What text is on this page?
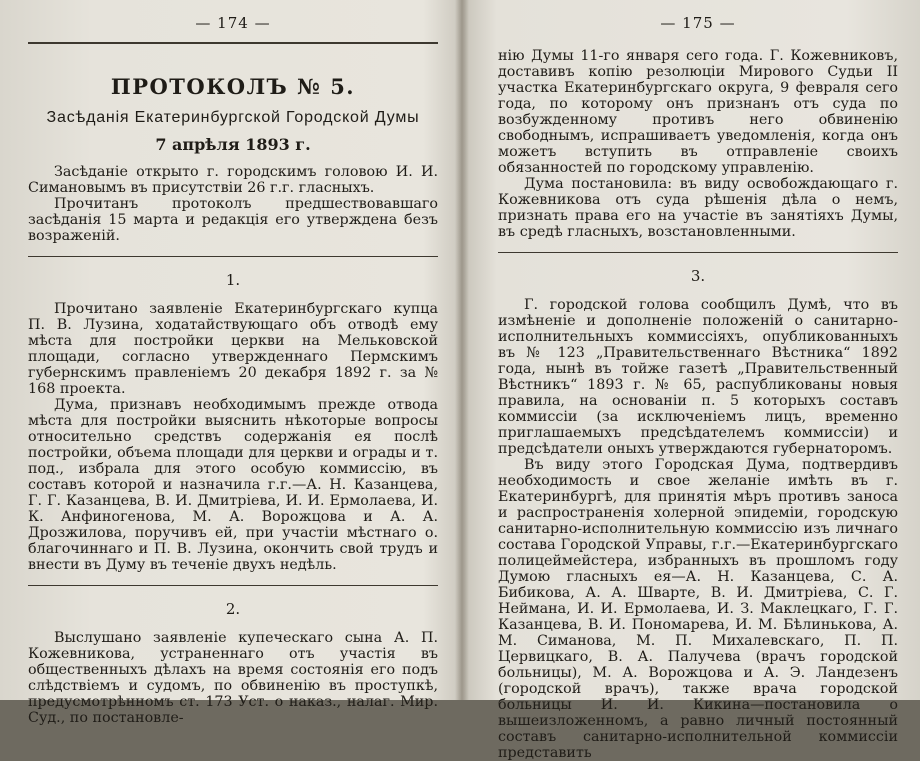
— 174 —
ПРОТОКОЛЪ № 5.
Засѣданія Екатеринбургской Городской Думы
7 апрѣля 1893 г.

Засѣданіе открыто г. городскимъ головою И. И. Симановымъ въ присутствіи 26 г.г. гласныхъ.

Прочитанъ протоколъ предшествовавшаго засѣданія 15 марта и редакція его утверждена безъ возраженій.

1.

Прочитано заявленіе Екатеринбургскаго купца П. В. Лузина, ходатайствующаго объ отводѣ ему мѣста для постройки церкви на Мельковской площади, согласно утвержденнаго Пермскимъ губернскимъ правленіемъ 20 декабря 1892 г. за № 168 проекта.

Дума, признавъ необходимымъ прежде отвода мѣста для постройки выяснить нѣкоторые вопросы относительно средствъ содержанія ея послѣ постройки, объема площади для церкви и ограды и т. под., избрала для этого особую коммиссію, въ составъ которой и назначила г.г.—А. Н. Казанцева, Г. Г. Казанцева, В. И. Дмитріева, И. И. Ермолаева, И. К. Анфиногенова, М. А. Ворожцова и А. А. Дрозжилова, поручивъ ей, при участіи мѣстнаго о. благочиннаго и П. В. Лузина, окончить свой трудъ и внести въ Думу въ теченіе двухъ недѣль.

2.

Выслушано заявленіе купеческаго сына А. П. Кожевникова, устраненнаго отъ участія въ общественныхъ дѣлахъ на время состоянія его подъ слѣдствіемъ и судомъ, по обвиненію въ проступкѣ, предусмотрѣнномъ ст. 173 Уст. о наказ., налаг. Мир. Суд., по постановле-

— 175 —

нію Думы 11-го января сего года. Г. Кожевниковъ, доставивъ копію резолюціи Мирового Судьи II участка Екатеринбургскаго округа, 9 февраля сего года, по которому онъ признанъ отъ суда по возбужденному противъ него обвиненію свободнымъ, испрашиваетъ уведомленія, когда онъ можетъ вступить въ отправленіе своихъ обязанностей по городскому управленію.

Дума постановила: въ виду освобождающаго г. Кожевникова отъ суда рѣшенія дѣла о немъ, признать права его на участіе въ занятіяхъ Думы, въ средѣ гласныхъ, возстановленными.

3.

Г. городской голова сообщилъ Думѣ, что въ измѣненіе и дополненіе положеній о санитарно-исполнительныхъ коммиссіяхъ, опубликованныхъ въ № 123 „Правительственнаго Вѣстника“ 1892 года, нынѣ въ тойже газетѣ „Правительственный Вѣстникъ“ 1893 г. № 65, распубликованы новыя правила, на основаніи п. 5 которыхъ составъ коммиссіи (за исключеніемъ лицъ, временно приглашаемыхъ предсѣдателемъ коммиссіи) и предсѣдатели оныхъ утверждаются губернаторомъ.

Въ виду этого Городская Дума, подтвердивъ необходимость и свое желаніе имѣть въ г. Екатеринбургѣ, для принятія мѣръ противъ заноса и распространенія холерной эпидеміи, городскую санитарно-исполнительную коммиссію изъ личнаго состава Городской Управы, г.г.—Екатеринбургскаго полицеймейстера, избранныхъ въ прошломъ году Думою гласныхъ ея—А. Н. Казанцева, С. А. Бибикова, А. А. Шварте, В. И. Дмитріева, С. Г. Неймана, И. И. Ермолаева, И. З. Маклецкаго, Г. Г. Казанцева, В. И. Пономарева, И. М. Бѣлинькова, А. М. Симанова, М. П. Михалевскаго, П. П. Цервицкаго, В. А. Палучева (врачъ городской больницы), М. А. Ворожцова и А. Э. Ландезенъ (городской врачъ), также врача городской больницы И. И. Кикина—постановила о вышеизложенномъ, а равно личный постоянный составъ санитарно-исполнительной коммиссіи представить
